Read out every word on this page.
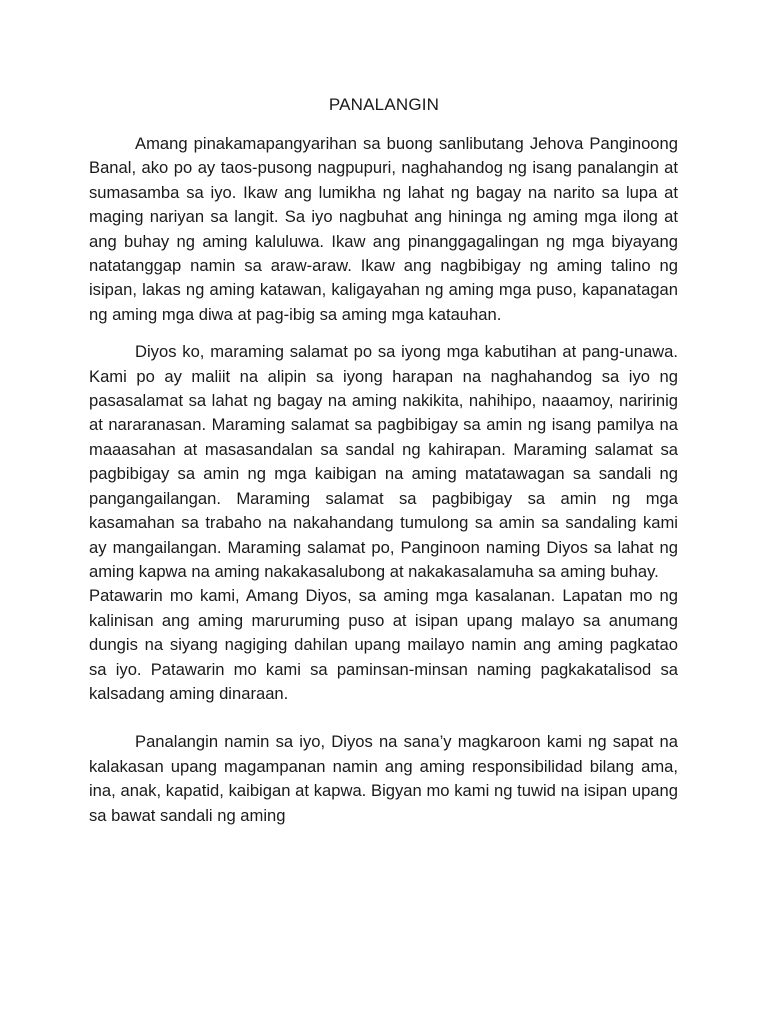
PANALANGIN

Amang pinakamapangyarihan sa buong sanlibutang Jehova Panginoong Banal, ako po ay taos-pusong nagpupuri, naghahandog ng isang panalangin at sumasamba sa iyo. Ikaw ang lumikha ng lahat ng bagay na narito sa lupa at maging nariyan sa langit. Sa iyo nagbuhat ang hininga ng aming mga ilong at ang buhay ng aming kaluluwa. Ikaw ang pinanggagalingan ng mga biyayang natatanggap namin sa araw-araw. Ikaw ang nagbibigay ng aming talino ng isipan, lakas ng aming katawan, kaligayahan ng aming mga puso, kapanatagan ng aming mga diwa at pag-ibig sa aming mga katauhan.

Diyos ko, maraming salamat po sa iyong mga kabutihan at pang-unawa. Kami po ay maliit na alipin sa iyong harapan na naghahandog sa iyo ng pasasalamat sa lahat ng bagay na aming nakikita, nahihipo, naaamoy, naririnig at nararanasan. Maraming salamat sa pagbibigay sa amin ng isang pamilya na maaasahan at masasandalan sa sandal ng kahirapan. Maraming salamat sa pagbibigay sa amin ng mga kaibigan na aming matatawagan sa sandali ng pangangailangan. Maraming salamat sa pagbibigay sa amin ng mga kasamahan sa trabaho na nakahandang tumulong sa amin sa sandaling kami ay mangailangan. Maraming salamat po, Panginoon naming Diyos sa lahat ng aming kapwa na aming nakakasalubong at nakakasalamuha sa aming buhay.

Patawarin mo kami, Amang Diyos, sa aming mga kasalanan. Lapatan mo ng kalinisan ang aming maruruming puso at isipan upang malayo sa anumang dungis na siyang nagiging dahilan upang mailayo namin ang aming pagkatao sa iyo. Patawarin mo kami sa paminsan-minsan naming pagkakatalisod sa kalsadang aming dinaraan.

Panalangin namin sa iyo, Diyos na sana’y magkaroon kami ng sapat na kalakasan upang magampanan namin ang aming responsibilidad bilang ama, ina, anak, kapatid, kaibigan at kapwa. Bigyan mo kami ng tuwid na isipan upang sa bawat sandali ng aming
